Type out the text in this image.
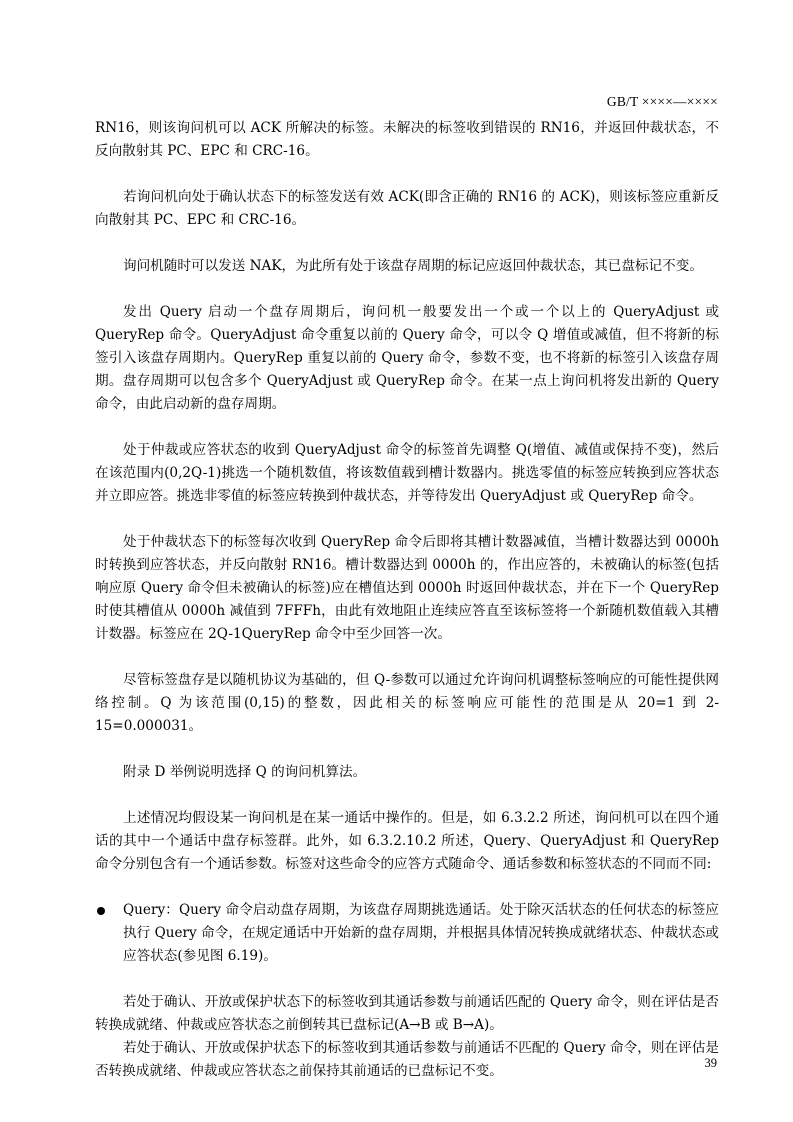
GB/T ××××—××××

RN16，则该询问机可以 ACK 所解决的标签。未解决的标签收到错误的 RN16，并返回仲裁状态，不反向散射其 PC、EPC 和 CRC-16。

若询问机向处于确认状态下的标签发送有效 ACK(即含正确的 RN16 的 ACK)，则该标签应重新反向散射其 PC、EPC 和 CRC-16。

询问机随时可以发送 NAK，为此所有处于该盘存周期的标记应返回仲裁状态，其已盘标记不变。

发出 Query 启动一个盘存周期后，询问机一般要发出一个或一个以上的 QueryAdjust 或 QueryRep 命令。QueryAdjust 命令重复以前的 Query 命令，可以令 Q 增值或减值，但不将新的标签引入该盘存周期内。QueryRep 重复以前的 Query 命令，参数不变，也不将新的标签引入该盘存周期。盘存周期可以包含多个 QueryAdjust 或 QueryRep 命令。在某一点上询问机将发出新的 Query 命令，由此启动新的盘存周期。

处于仲裁或应答状态的收到 QueryAdjust 命令的标签首先调整 Q(增值、减值或保持不变)，然后在该范围内(0,2Q-1)挑选一个随机数值，将该数值载到槽计数器内。挑选零值的标签应转换到应答状态并立即应答。挑选非零值的标签应转换到仲裁状态，并等待发出 QueryAdjust 或 QueryRep 命令。

处于仲裁状态下的标签每次收到 QueryRep 命令后即将其槽计数器减值，当槽计数器达到 0000h 时转换到应答状态，并反向散射 RN16。槽计数器达到 0000h 的，作出应答的，未被确认的标签(包括响应原 Query 命令但未被确认的标签)应在槽值达到 0000h 时返回仲裁状态，并在下一个 QueryRep 时使其槽值从 0000h 减值到 7FFFh，由此有效地阻止连续应答直至该标签将一个新随机数值载入其槽计数器。标签应在 2Q-1QueryRep 命令中至少回答一次。

尽管标签盘存是以随机协议为基础的，但 Q-参数可以通过允许询问机调整标签响应的可能性提供网络控制。Q 为该范围(0,15)的整数，因此相关的标签响应可能性的范围是从 20=1 到 2-15=0.000031。

附录 D 举例说明选择 Q 的询问机算法。

上述情况均假设某一询问机是在某一通话中操作的。但是，如 6.3.2.2 所述，询问机可以在四个通话的其中一个通话中盘存标签群。此外，如 6.3.2.10.2 所述，Query、QueryAdjust 和 QueryRep 命令分别包含有一个通话参数。标签对这些命令的应答方式随命令、通话参数和标签状态的不同而不同:

Query：Query 命令启动盘存周期，为该盘存周期挑选通话。处于除灭活状态的任何状态的标签应执行 Query 命令，在规定通话中开始新的盘存周期，并根据具体情况转换成就绪状态、仲裁状态或应答状态(参见图 6.19)。

若处于确认、开放或保护状态下的标签收到其通话参数与前通话匹配的 Query 命令，则在评估是否转换成就绪、仲裁或应答状态之前倒转其已盘标记(A→B 或 B→A)。

若处于确认、开放或保护状态下的标签收到其通话参数与前通话不匹配的 Query 命令，则在评估是否转换成就绪、仲裁或应答状态之前保持其前通话的已盘标记不变。	39
